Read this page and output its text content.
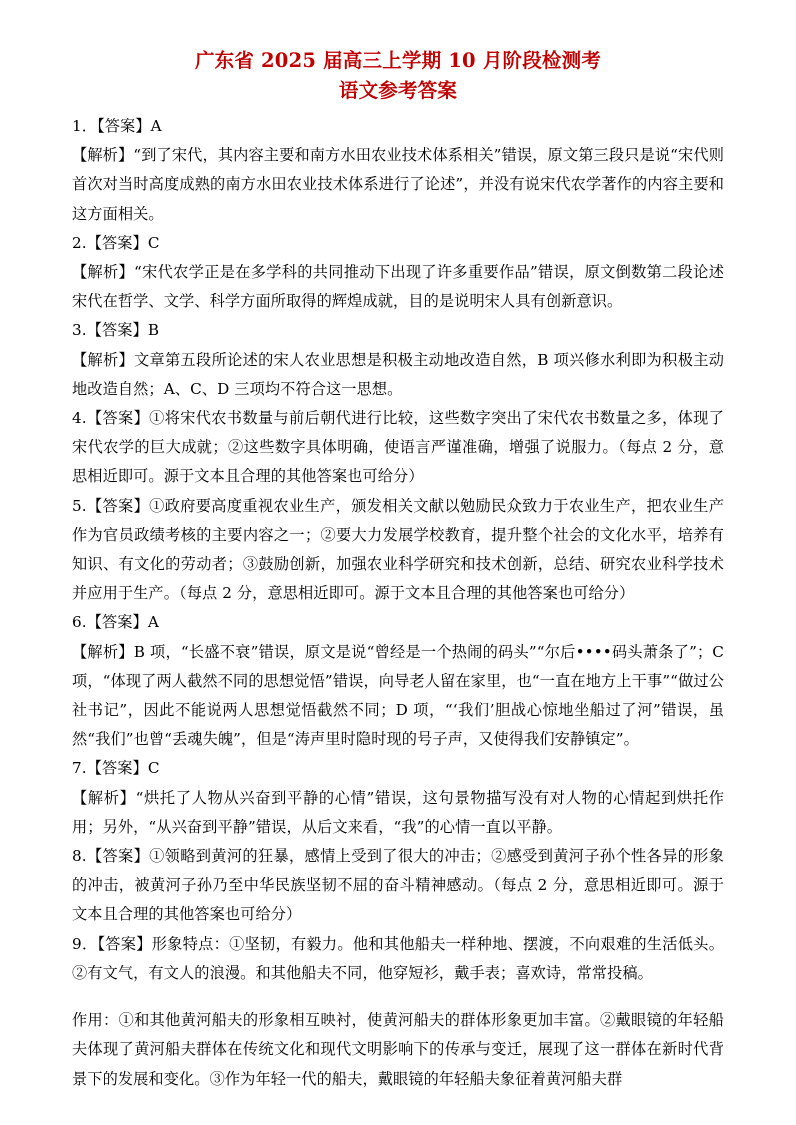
广东省 2025 届高三上学期 10 月阶段检测考
语文参考答案

1．【答案】A

【解析】“到了宋代，其内容主要和南方水田农业技术体系相关”错误，原文第三段只是说“宋代则首次对当时高度成熟的南方水田农业技术体系进行了论述”，并没有说宋代农学著作的内容主要和这方面相关。

2.【答案】C

【解析】“宋代农学正是在多学科的共同推动下出现了许多重要作品”错误，原文倒数第二段论述宋代在哲学、文学、科学方面所取得的辉煌成就，目的是说明宋人具有创新意识。

3.【答案】B

【解析】文章第五段所论述的宋人农业思想是积极主动地改造自然，B 项兴修水利即为积极主动地改造自然；A、C、D 三项均不符合这一思想。

4.【答案】①将宋代农书数量与前后朝代进行比较，这些数字突出了宋代农书数量之多，体现了宋代农学的巨大成就；②这些数字具体明确，使语言严谨准确，增强了说服力。（每点 2 分，意思相近即可。源于文本且合理的其他答案也可给分）

5.【答案】①政府要高度重视农业生产，颁发相关文献以勉励民众致力于农业生产，把农业生产作为官员政绩考核的主要内容之一；②要大力发展学校教育，提升整个社会的文化水平，培养有知识、有文化的劳动者；③鼓励创新，加强农业科学研究和技术创新，总结、研究农业科学技术并应用于生产。（每点 2 分，意思相近即可。源于文本且合理的其他答案也可给分）

6.【答案】A

【解析】B 项，“长盛不衰”错误，原文是说“曾经是一个热闹的码头”“尔后••••码头萧条了”；C 项，“体现了两人截然不同的思想觉悟”错误，向导老人留在家里，也“一直在地方上干事”“做过公社书记”，因此不能说两人思想觉悟截然不同；D 项，“‘我们’胆战心惊地坐船过了河”错误，虽然“我们”也曾“丢魂失魄”，但是“涛声里时隐时现的号子声，又使得我们安静镇定”。

7.【答案】C

【解析】“烘托了人物从兴奋到平静的心情”错误，这句景物描写没有对人物的心情起到烘托作用；另外，“从兴奋到平静”错误，从后文来看，“我”的心情一直以平静。

8.【答案】①领略到黄河的狂暴，感情上受到了很大的冲击；②感受到黄河子孙个性各异的形象的冲击，被黄河子孙乃至中华民族坚韧不屈的奋斗精神感动。（每点 2 分，意思相近即可。源于文本且合理的其他答案也可给分）

9．【答案】形象特点：①坚韧，有毅力。他和其他船夫一样种地、摆渡，不向艰难的生活低头。②有文气，有文人的浪漫。和其他船夫不同，他穿短衫，戴手表；喜欢诗，常常投稿。

作用：①和其他黄河船夫的形象相互映衬，使黄河船夫的群体形象更加丰富。②戴眼镜的年轻船夫体现了黄河船夫群体在传统文化和现代文明影响下的传承与变迁，展现了这一群体在新时代背景下的发展和变化。③作为年轻一代的船夫，戴眼镜的年轻船夫象征着黄河船夫群
